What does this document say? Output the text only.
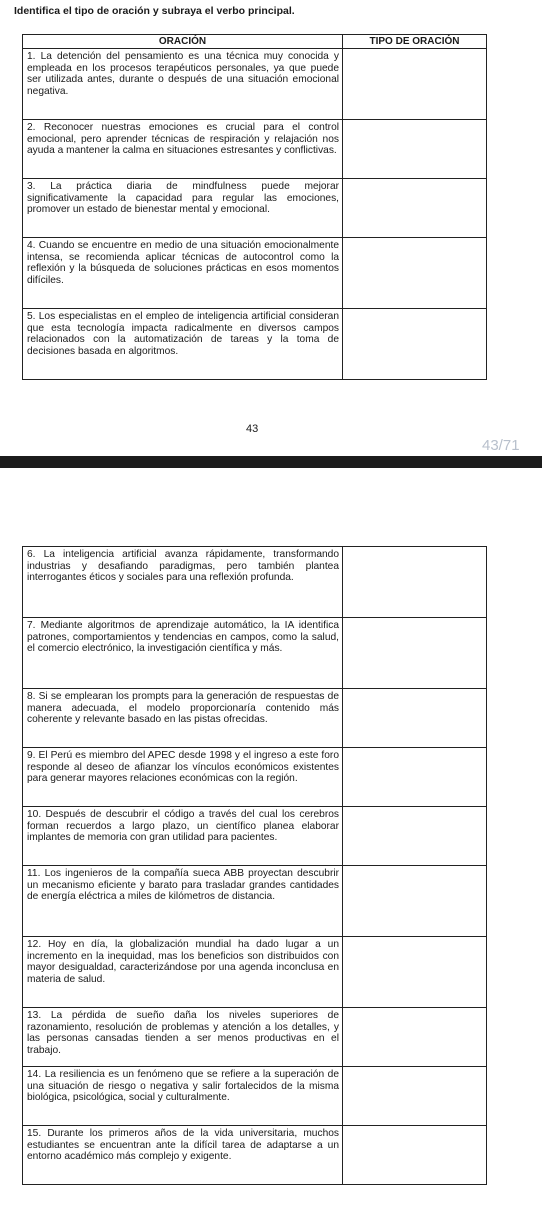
Identifica el tipo de oración y subraya el verbo principal.
ORACIÓN	TIPO DE ORACIÓN
1. La detención del pensamiento es una técnica muy conocida y empleada en los procesos terapéuticos personales, ya que puede ser utilizada antes, durante o después de una situación emocional negativa.	
2. Reconocer nuestras emociones es crucial para el control emocional, pero aprender técnicas de respiración y relajación nos ayuda a mantener la calma en situaciones estresantes y conflictivas.	
3. La práctica diaria de mindfulness puede mejorar significativamente la capacidad para regular las emociones, promover un estado de bienestar mental y emocional.	
4. Cuando se encuentre en medio de una situación emocionalmente intensa, se recomienda aplicar técnicas de autocontrol como la reflexión y la búsqueda de soluciones prácticas en esos momentos difíciles.	
5. Los especialistas en el empleo de inteligencia artificial consideran que esta tecnología impacta radicalmente en diversos campos relacionados con la automatización de tareas y la toma de decisiones basada en algoritmos.	
43
43/71
6. La inteligencia artificial avanza rápidamente, transformando industrias y desafiando paradigmas, pero también plantea interrogantes éticos y sociales para una reflexión profunda.	
7. Mediante algoritmos de aprendizaje automático, la IA identifica patrones, comportamientos y tendencias en campos, como la salud, el comercio electrónico, la investigación científica y más.	
8. Si se emplearan los prompts para la generación de respuestas de manera adecuada, el modelo proporcionaría contenido más coherente y relevante basado en las pistas ofrecidas.	
9. El Perú es miembro del APEC desde 1998 y el ingreso a este foro responde al deseo de afianzar los vínculos económicos existentes para generar mayores relaciones económicas con la región.	
10. Después de descubrir el código a través del cual los cerebros forman recuerdos a largo plazo, un científico planea elaborar implantes de memoria con gran utilidad para pacientes.	
11. Los ingenieros de la compañía sueca ABB proyectan descubrir un mecanismo eficiente y barato para trasladar grandes cantidades de energía eléctrica a miles de kilómetros de distancia.	
12. Hoy en día, la globalización mundial ha dado lugar a un incremento en la inequidad, mas los beneficios son distribuidos con mayor desigualdad, caracterizándose por una agenda inconclusa en materia de salud.	
13. La pérdida de sueño daña los niveles superiores de razonamiento, resolución de problemas y atención a los detalles, y las personas cansadas tienden a ser menos productivas en el trabajo.	
14. La resiliencia es un fenómeno que se refiere a la superación de una situación de riesgo o negativa y salir fortalecidos de la misma biológica, psicológica, social y culturalmente.	
15. Durante los primeros años de la vida universitaria, muchos estudiantes se encuentran ante la difícil tarea de adaptarse a un entorno académico más complejo y exigente.	
